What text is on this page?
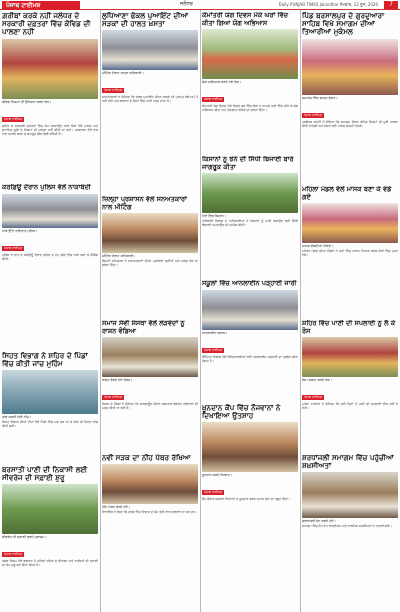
ਪੰਜਾਬ ਟਾਈਮਜ਼	ਜਲੰਧਰ	Daily PUNJAB TIMES Jalandhar ਸੋਮਵਾਰ, 22 ਜੂਨ, 2020	7
ਗ਼ਰੀਬਾਂ ਕਰਕੇ ਨਹੀਂ ਜਲੰਧਰ ਦੇ ਸਰਕਾਰੀ ਦਫ਼ਤਰਾਂ ਵਿੱਚ ਕੋਵਿਡ ਦੀ ਪਾਲਣਾ ਨਹੀਂ
ਕੋਵਿਡ ਨਿਯਮਾਂ ਦੀ ਉਲੰਘਣਾ ਕਰਦੇ ਲੋਕ।
ਪੰਜਾਬ ਟਾਈਮਜ਼
ਸ਼ਹਿਰ ਦੇ ਸਰਕਾਰੀ ਦਫ਼ਤਰਾਂ ਵਿੱਚ ਕੰਮ ਕਰਵਾਉਣ ਆਏ ਲੋਕਾਂ ਵੱਲੋਂ ਮਾਸਕ ਅਤੇ ਸਮਾਜਿਕ ਦੂਰੀ ਦੇ ਨਿਯਮਾਂ ਦੀ ਪਾਲਣਾ ਨਹੀਂ ਕੀਤੀ ਜਾ ਰਹੀ। ਪ੍ਰਸ਼ਾਸਨ ਵੱਲੋਂ ਵਾਰ ਵਾਰ ਅਪੀਲ ਕਰਨ ਦੇ ਬਾਵਜੂਦ ਭੀੜ ਲੱਗੀ ਰਹਿੰਦੀ ਹੈ।
ਕਰਫ਼ਿਊ ਦੌਰਾਨ ਪੁਲਿਸ ਵੱਲੋਂ ਨਾਕਾਬੰਦੀ
ਨਾਕੇ ਉੱਤੇ ਤਾਇਨਾਤ ਪੁਲਿਸ।
ਪੰਜਾਬ ਟਾਈਮਜ਼
ਪੁਲਿਸ ਨੇ ਰਾਤ ਦੇ ਕਰਫ਼ਿਊ ਦੌਰਾਨ ਸ਼ਹਿਰ ਦੇ ਮੁੱਖ ਚੌਕਾਂ ਵਿੱਚ ਨਾਕੇ ਲਗਾ ਕੇ ਚੈਕਿੰਗ ਕੀਤੀ।
ਸਿਹਤ ਵਿਭਾਗ ਨੇ ਸ਼ਹਿਰ ਦੇ ਪਿੰਡਾਂ ਵਿੱਚ ਕੀਤੀ ਜਾਂਚ ਮੁਹਿੰਮ
ਜਾਂਚ ਕਰਦੀ ਹੋਈ ਟੀਮ।
ਸਿਹਤ ਵਿਭਾਗ ਦੀਆਂ ਟੀਮਾਂ ਵੱਲੋਂ ਪਿੰਡਾਂ ਵਿੱਚ ਘਰ ਘਰ ਜਾ ਕੇ ਲੋਕਾਂ ਦੀ ਸਿਹਤ ਜਾਂਚ ਕੀਤੀ ਗਈ।
ਬਰਸਾਤੀ ਪਾਣੀ ਦੀ ਨਿਕਾਸੀ ਲਈ ਸੀਵਰੇਜ ਦੀ ਸਫ਼ਾਈ ਸ਼ੁਰੂ
ਸੀਵਰੇਜ ਦੀ ਸਫ਼ਾਈ ਕਰਦੇ ਮੁਲਾਜ਼ਮ।
ਪੰਜਾਬ ਟਾਈਮਜ਼
ਨਗਰ ਨਿਗਮ ਵੱਲੋਂ ਬਰਸਾਤ ਤੋਂ ਪਹਿਲਾਂ ਸ਼ਹਿਰ ਦੇ ਸੀਵਰੇਜ ਅਤੇ ਨਾਲਿਆਂ ਦੀ ਸਫ਼ਾਈ ਦਾ ਕੰਮ ਸ਼ੁਰੂ ਕਰ ਦਿੱਤਾ ਗਿਆ ਹੈ।
ਲੁਧਿਆਣਾ ਫੋਕਲ ਪੁਆਇੰਟ ਦੀਆਂ ਸੜਕਾਂ ਦੀ ਹਾਲਤ ਖ਼ਸਤਾ
ਮੀਟਿੰਗ ਦੌਰਾਨ ਹਾਜ਼ਰ ਅਧਿਕਾਰੀ।
ਪੰਜਾਬ ਟਾਈਮਜ਼
ਸਨਅਤਕਾਰਾਂ ਨੇ ਦੱਸਿਆ ਕਿ ਫੋਕਲ ਪੁਆਇੰਟ ਦੀਆਂ ਸੜਕਾਂ ਦੀ ਮੁਰੰਮਤ ਲੰਬੇ ਸਮੇਂ ਤੋਂ ਨਹੀਂ ਹੋਈ ਅਤੇ ਬਰਸਾਤ ਦੇ ਦਿਨਾਂ ਵਿੱਚ ਪਾਣੀ ਖੜ੍ਹ ਜਾਂਦਾ ਹੈ।
ਜ਼ਿਲ੍ਹਾ ਪ੍ਰਸ਼ਾਸਨ ਵੱਲੋਂ ਸਨਅਤਕਾਰਾਂ ਨਾਲ ਮੀਟਿੰਗ
ਮੀਟਿੰਗ ਦੌਰਾਨ ਅਧਿਕਾਰੀ।
ਡਿਪਟੀ ਕਮਿਸ਼ਨਰ ਨੇ ਸਨਅਤਕਾਰਾਂ ਦੀਆਂ ਮੁਸ਼ਕਿਲਾਂ ਸੁਣੀਆਂ ਅਤੇ ਜਲਦ ਹੱਲ ਦਾ ਭਰੋਸਾ ਦਿੱਤਾ।
ਸਮਾਜ ਸੇਵੀ ਸੰਸਥਾ ਵੱਲੋਂ ਲੋੜਵੰਦਾਂ ਨੂੰ ਰਾਸ਼ਨ ਵੰਡਿਆ
ਰਾਸ਼ਨ ਵੰਡਦੇ ਹੋਏ ਮੈਂਬਰ।
ਪੰਜਾਬ ਟਾਈਮਜ਼
ਸੰਸਥਾ ਦੇ ਮੈਂਬਰਾਂ ਨੇ ਦੱਸਿਆ ਕਿ ਲਾਕਡਾਊਨ ਦੌਰਾਨ ਲਗਾਤਾਰ ਲੋੜਵੰਦ ਪਰਿਵਾਰਾਂ ਦੀ ਮਦਦ ਕੀਤੀ ਜਾ ਰਹੀ ਹੈ।
ਨਵੀਂ ਸੜਕ ਦਾ ਨੀਂਹ ਪੱਥਰ ਰੱਖਿਆ
ਨੀਂਹ ਪੱਥਰ ਰੱਖਦੇ ਹੋਏ।
ਵਿਧਾਇਕ ਨੇ ਕਿਹਾ ਕਿ ਹਲਕੇ ਵਿੱਚ ਵਿਕਾਸ ਦੇ ਕੰਮ ਤੇਜ਼ੀ ਨਾਲ ਕਰਵਾਏ ਜਾ ਰਹੇ ਹਨ।
ਕੌਮਾਂਤਰੀ ਯੋਗ ਦਿਵਸ ਮੌਕੇ ਘਰਾਂ ਵਿੱਚ ਕੀਤਾ ਗਿਆ ਯੋਗ ਅਭਿਆਸ
ਯੋਗ ਅਭਿਆਸ ਕਰਦੇ ਹੋਏ ਲੋਕ।
ਪੰਜਾਬ ਟਾਈਮਜ਼
ਕੌਮਾਂਤਰੀ ਯੋਗ ਦਿਵਸ ਮੌਕੇ ਜ਼ਿਲ੍ਹੇ ਭਰ ਵਿੱਚ ਲੋਕਾਂ ਨੇ ਆਪਣੇ ਘਰਾਂ ਵਿੱਚ ਰਹਿ ਕੇ ਯੋਗ ਅਭਿਆਸ ਕੀਤਾ ਅਤੇ ਤੰਦਰੁਸਤ ਰਹਿਣ ਦਾ ਸੁਨੇਹਾ ਦਿੱਤਾ।
ਕਿਸਾਨਾਂ ਨੂੰ ਝੋਨੇ ਦੀ ਸਿੱਧੀ ਬਿਜਾਈ ਬਾਰੇ ਜਾਗਰੂਕ ਕੀਤਾ
ਖੇਤਾਂ ਵਿੱਚ ਕਿਸਾਨ।
ਖੇਤੀਬਾੜੀ ਵਿਭਾਗ ਦੇ ਅਧਿਕਾਰੀਆਂ ਨੇ ਕਿਸਾਨਾਂ ਨੂੰ ਪਾਣੀ ਬਚਾਉਣ ਲਈ ਸਿੱਧੀ ਬਿਜਾਈ ਅਪਣਾਉਣ ਦੀ ਅਪੀਲ ਕੀਤੀ।
ਸਕੂਲਾਂ ਵਿੱਚ ਆਨਲਾਈਨ ਪੜ੍ਹਾਈ ਜਾਰੀ
ਆਨਲਾਈਨ ਕਲਾਸ।
ਪੰਜਾਬ ਟਾਈਮਜ਼
ਸਿੱਖਿਆ ਵਿਭਾਗ ਵੱਲੋਂ ਵਿਦਿਆਰਥੀਆਂ ਲਈ ਆਨਲਾਈਨ ਪੜ੍ਹਾਈ ਦਾ ਪ੍ਰਬੰਧ ਕੀਤਾ ਗਿਆ ਹੈ।
ਖ਼ੂਨਦਾਨ ਕੈਂਪ ਵਿੱਚ ਨੌਜਵਾਨਾਂ ਨੇ ਦਿਖਾਇਆ ਉਤਸ਼ਾਹ
ਖ਼ੂਨਦਾਨ ਕਰਦੇ ਨੌਜਵਾਨ।
ਪੰਜਾਬ ਟਾਈਮਜ਼
ਕੈਂਪ ਦੌਰਾਨ ਦਰਜਨਾਂ ਨੌਜਵਾਨਾਂ ਨੇ ਖ਼ੂਨਦਾਨ ਕਰਕੇ ਸਮਾਜ ਸੇਵਾ ਦਾ ਸਬੂਤ ਦਿੱਤਾ।
ਪਿੰਡ ਬਰਸਾਲਪੁਰ ਦੇ ਗੁਰਦੁਆਰਾ ਸਾਹਿਬ ਵਿਖੇ ਸਮਾਗਮ ਦੀਆਂ ਤਿਆਰੀਆਂ ਮੁਕੰਮਲ
ਸਮਾਗਮ ਵਿੱਚ ਸ਼ਾਮਲ ਸੰਗਤ।
ਪੰਜਾਬ ਟਾਈਮਜ਼
ਪ੍ਰਬੰਧਕ ਕਮੇਟੀ ਨੇ ਦੱਸਿਆ ਕਿ ਸਮਾਗਮ ਦੌਰਾਨ ਕੋਵਿਡ ਨਿਯਮਾਂ ਦੀ ਪੂਰੀ ਪਾਲਣਾ ਕੀਤੀ ਜਾਵੇਗੀ ਅਤੇ ਸੰਗਤ ਲਈ ਮਾਸਕ ਲਾਜ਼ਮੀ ਹੋਣਗੇ।
ਮਹਿਲਾ ਮੰਡਲ ਵੱਲੋਂ ਮਾਸਕ ਬਣਾ ਕੇ ਵੰਡੇ ਗਏ
ਮਾਸਕ ਵੰਡਦੀਆਂ ਔਰਤਾਂ।
ਮਹਿਲਾ ਮੰਡਲ ਦੀਆਂ ਮੈਂਬਰਾਂ ਨੇ ਘਰਾਂ ਵਿੱਚ ਮਾਸਕ ਤਿਆਰ ਕਰਕੇ ਲੋਕਾਂ ਵਿੱਚ ਮੁਫ਼ਤ ਵੰਡੇ।
ਸ਼ਹਿਰ ਵਿੱਚ ਪਾਣੀ ਦੀ ਸਪਲਾਈ ਨੂੰ ਲੈ ਕੇ ਰੋਸ
ਰੋਸ ਪ੍ਰਗਟ ਕਰਦੇ ਲੋਕ।
ਪੰਜਾਬ ਟਾਈਮਜ਼
ਮੁਹੱਲਾ ਵਾਸੀਆਂ ਨੇ ਦੱਸਿਆ ਕਿ ਕਈ ਦਿਨਾਂ ਤੋਂ ਪਾਣੀ ਦੀ ਸਪਲਾਈ ਠੀਕ ਨਹੀਂ ਹੋ ਰਹੀ।
ਸ਼ਰਧਾਂਜਲੀ ਸਮਾਗਮ ਵਿੱਚ ਪਹੁੰਚੀਆਂ ਸ਼ਖ਼ਸੀਅਤਾਂ
ਸ਼ਰਧਾਂਜਲੀ ਭੇਟ ਕਰਦੇ ਹੋਏ।
ਸਮਾਗਮ ਵਿੱਚ ਵੱਖ ਵੱਖ ਰਾਜਨੀਤਕ ਅਤੇ ਧਾਰਮਿਕ ਸ਼ਖ਼ਸੀਅਤਾਂ ਨੇ ਹਾਜ਼ਰੀ ਭਰੀ।
